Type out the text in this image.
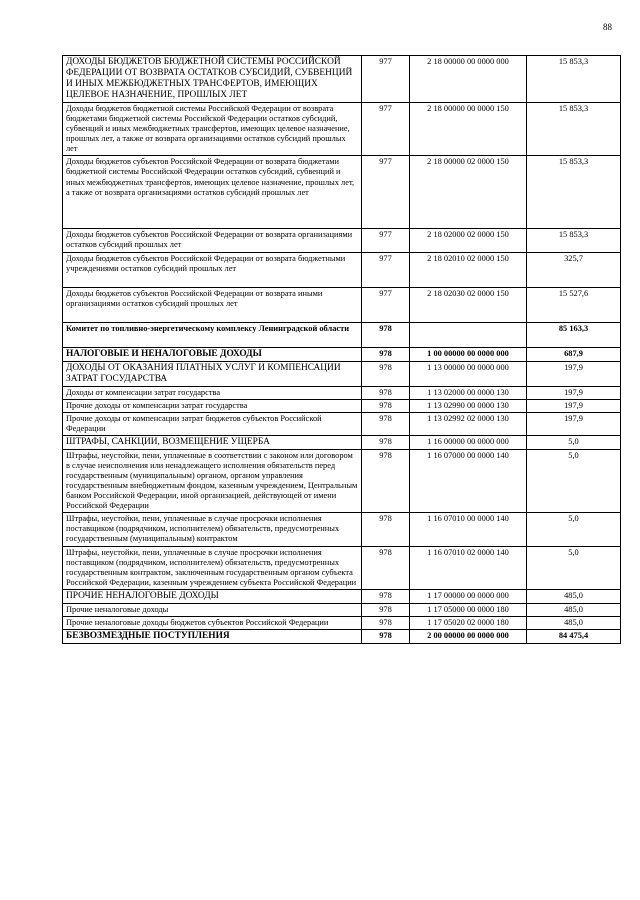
88
ДОХОДЫ БЮДЖЕТОВ БЮДЖЕТНОЙ СИСТЕМЫ РОССИЙСКОЙ ФЕДЕРАЦИИ ОТ ВОЗВРАТА ОСТАТКОВ СУБСИДИЙ, СУБВЕНЦИЙ И ИНЫХ МЕЖБЮДЖЕТНЫХ ТРАНСФЕРТОВ, ИМЕЮЩИХ ЦЕЛЕВОЕ НАЗНАЧЕНИЕ, ПРОШЛЫХ ЛЕТ	977	2 18 00000 00 0000 000	15 853,3
Доходы бюджетов бюджетной системы Российской Федерации от возврата бюджетами бюджетной системы Российской Федерации остатков субсидий, субвенций и иных межбюджетных трансфертов, имеющих целевое назначение, прошлых лет, а также от возврата организациями остатков субсидий прошлых лет	977	2 18 00000 00 0000 150	15 853,3
Доходы бюджетов субъектов Российской Федерации от возврата бюджетами бюджетной системы Российской Федерации остатков субсидий, субвенций и иных межбюджетных трансфертов, имеющих целевое назначение, прошлых лет, а также от возврата организациями остатков субсидий прошлых лет	977	2 18 00000 02 0000 150	15 853,3
Доходы бюджетов субъектов Российской Федерации от возврата организациями остатков субсидий прошлых лет	977	2 18 02000 02 0000 150	15 853,3
Доходы бюджетов субъектов Российской Федерации от возврата бюджетными учреждениями остатков субсидий прошлых лет	977	2 18 02010 02 0000 150	325,7
Доходы бюджетов субъектов Российской Федерации от возврата иными организациями остатков субсидий прошлых лет	977	2 18 02030 02 0000 150	15 527,6
Комитет по топливно-энергетическому комплексу Ленинградской области	978		85 163,3
НАЛОГОВЫЕ И НЕНАЛОГОВЫЕ ДОХОДЫ	978	1 00 00000 00 0000 000	687,9
ДОХОДЫ ОТ ОКАЗАНИЯ ПЛАТНЫХ УСЛУГ И КОМПЕНСАЦИИ ЗАТРАТ ГОСУДАРСТВА	978	1 13 00000 00 0000 000	197,9
Доходы от компенсации затрат государства	978	1 13 02000 00 0000 130	197,9
Прочие доходы от компенсации затрат государства	978	1 13 02990 00 0000 130	197,9
Прочие доходы от компенсации затрат бюджетов субъектов Российской Федерации	978	1 13 02992 02 0000 130	197,9
ШТРАФЫ, САНКЦИИ, ВОЗМЕЩЕНИЕ УЩЕРБА	978	1 16 00000 00 0000 000	5,0
Штрафы, неустойки, пени, уплаченные в соответствии с законом или договором в случае неисполнения или ненадлежащего исполнения обязательств перед государственным (муниципальным) органом, органом управления государственным внебюджетным фондом, казенным учреждением, Центральным банком Российской Федерации, иной организацией, действующей от имени Российской Федерации	978	1 16 07000 00 0000 140	5,0
Штрафы, неустойки, пени, уплаченные в случае просрочки исполнения поставщиком (подрядчиком, исполнителем) обязательств, предусмотренных государственным (муниципальным) контрактом	978	1 16 07010 00 0000 140	5,0
Штрафы, неустойки, пени, уплаченные в случае просрочки исполнения поставщиком (подрядчиком, исполнителем) обязательств, предусмотренных государственным контрактом, заключенным государственным органом субъекта Российской Федерации, казенным учреждением субъекта Российской Федерации	978	1 16 07010 02 0000 140	5,0
ПРОЧИЕ НЕНАЛОГОВЫЕ ДОХОДЫ	978	1 17 00000 00 0000 000	485,0
Прочие неналоговые доходы	978	1 17 05000 00 0000 180	485,0
Прочие неналоговые доходы бюджетов субъектов Российской Федерации	978	1 17 05020 02 0000 180	485,0
БЕЗВОЗМЕЗДНЫЕ ПОСТУПЛЕНИЯ	978	2 00 00000 00 0000 000	84 475,4
